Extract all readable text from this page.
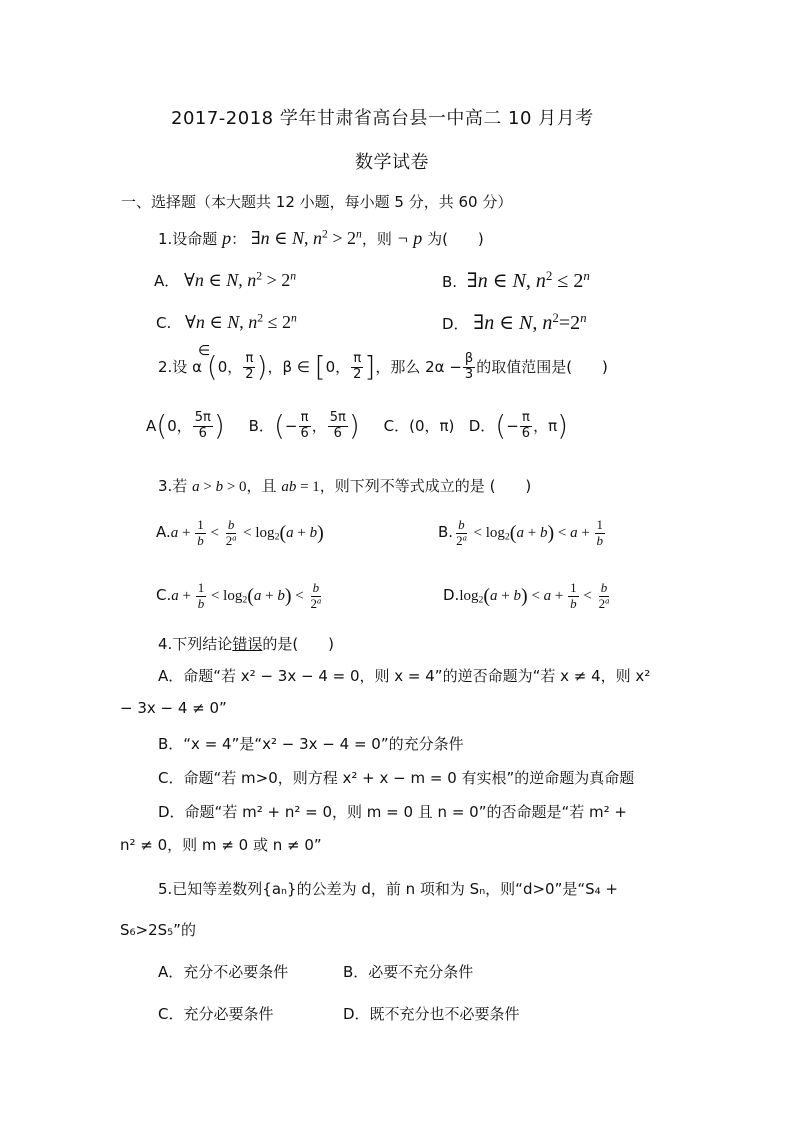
2017-2018 学年甘肃省高台县一中高二 10 月月考
数学试卷
一、选择题（本大题共 12 小题，每小题 5 分，共 60 分）
1.设命题 p： ∃n ∈ N, $n^2 > 2^n$，则 ¬ p 为(　　)
A． ∀n ∈ N, $n^2 > 2^n$	B.  ∃n ∈ N, $n^2 \le 2^n$
C.   ∀n ∈ N, $n^2 \le 2^n$	D． ∃n ∈ N, $n^2=2^n$
∈
2.设 α (0， $\frac{\pi}{2}$ )，β ∈ [0， $\frac{\pi}{2}$ ]，那么 $2\alpha - \frac{\beta}{3}$ 的取值范围是(　　)
A(0， $\frac{5\pi}{6}$ ) B．(− $\frac{\pi}{6}$ ， $\frac{5\pi}{6}$ ) C．(0，π) D．(− $\frac{\pi}{6}$ ，π)
3.若 a > b > 0，且 ab = 1，则下列不等式成立的是 (　　)
$A.a + \frac{1}{b} < \frac{b}{2^a} < \log_2(a + b)$	B. $\frac{b}{2^a} < \log_2(a + b) < a + \frac{1}{b}$
$C.a + \frac{1}{b} < \log_2(a + b) < \frac{b}{2^a}$	$D.\log_2(a + b) < a + \frac{1}{b} < \frac{b}{2^a}$
4.下列结论错误的是(　　)
A．命题“若 x² − 3x − 4 = 0，则 x = 4”的逆否命题为“若 x ≠ 4，则 x²
− 3x − 4 ≠ 0”
B．“x = 4”是“x² − 3x − 4 = 0”的充分条件
C．命题“若 m>0，则方程 x² + x − m = 0 有实根”的逆命题为真命题
D．命题“若 m² + n² = 0，则 m = 0 且 n = 0”的否命题是“若 m² +
n² ≠ 0，则 m ≠ 0 或 n ≠ 0”
5.已知等差数列{aₙ}的公差为 d，前 n 项和为 Sₙ，则“d>0”是“S₄ +
S₆>2S₅”的
A．充分不必要条件	B．必要不充分条件
C．充分必要条件	D．既不充分也不必要条件
